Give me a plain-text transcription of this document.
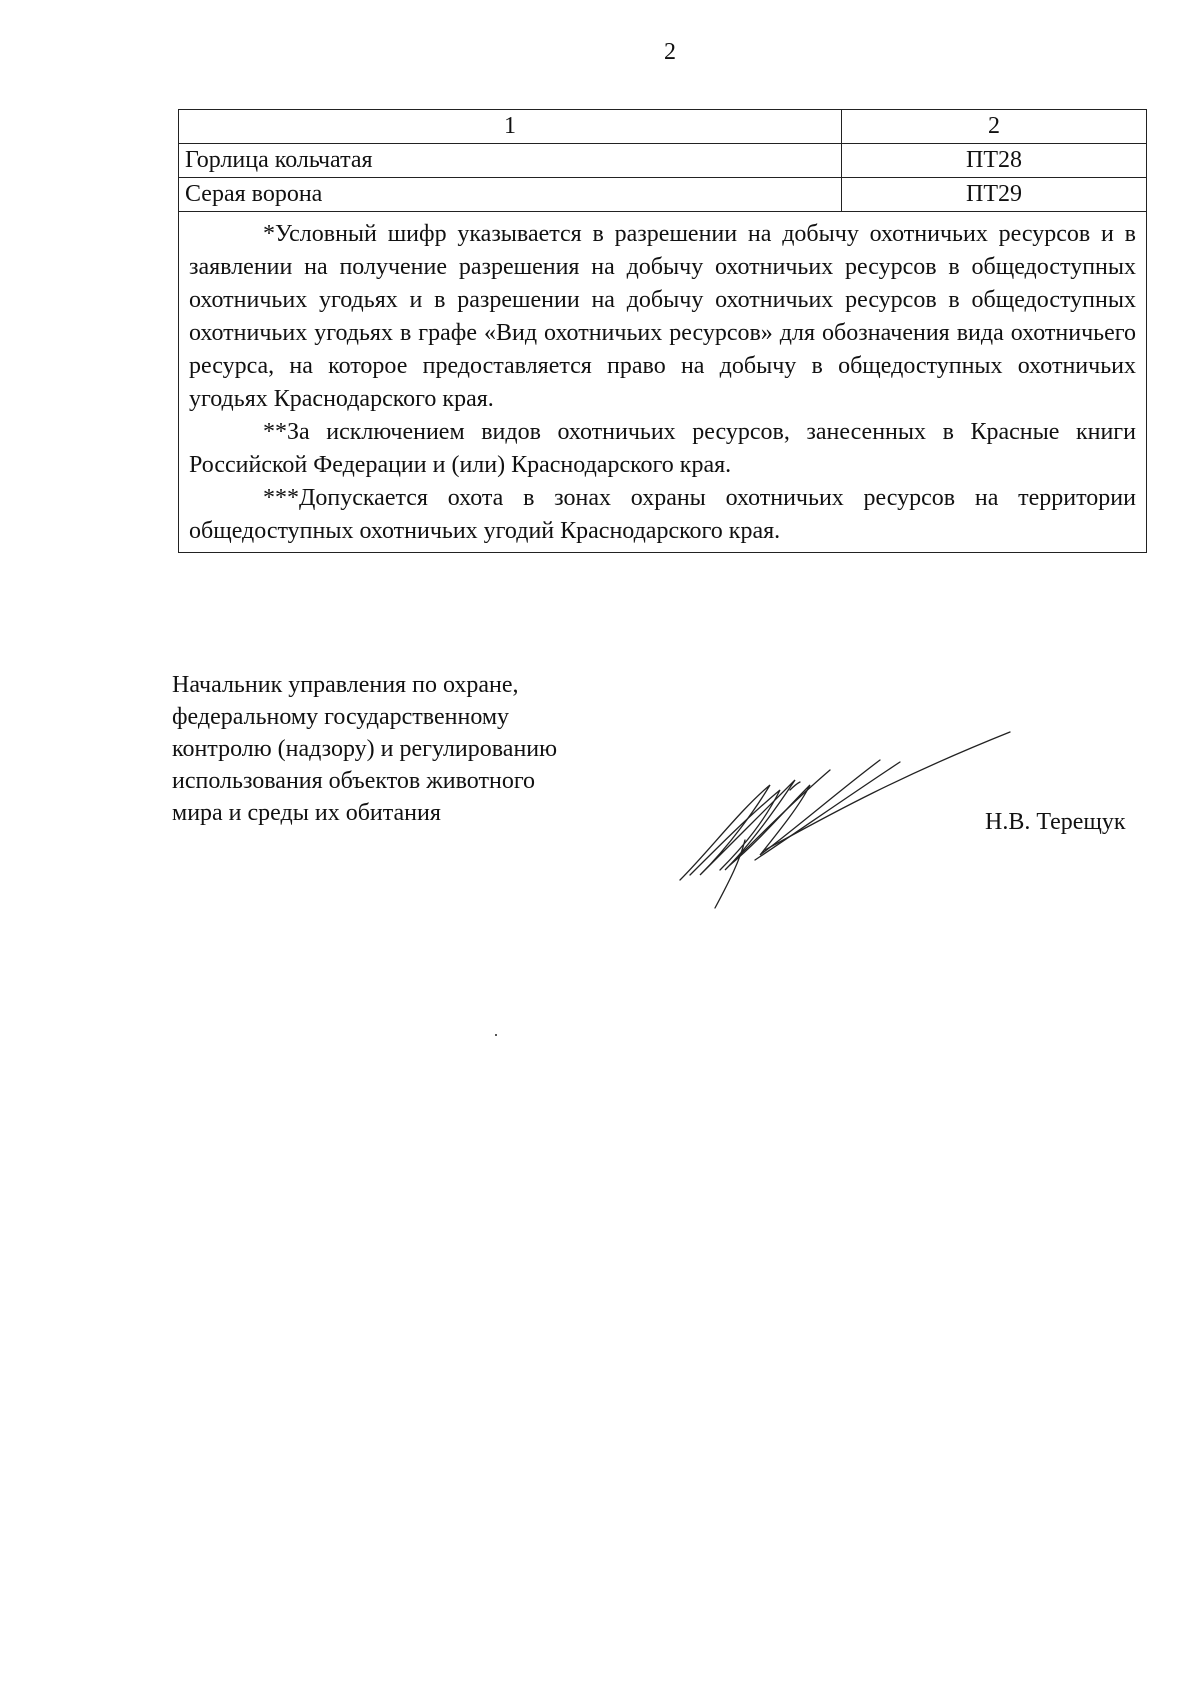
2
1	2
Горлица кольчатая	ПТ28
Серая ворона	ПТ29

*Условный шифр указывается в разрешении на добычу охотничьих ресурсов и в заявлении на получение разрешения на добычу охотничьих ресурсов в общедоступных охотничьих угодьях и в разрешении на добычу охотничьих ресурсов в общедоступных охотничьих угодьях в графе «Вид охотничьих ресурсов» для обозначения вида охотничьего ресурса, на которое предоставляется право на добычу в общедоступных охотничьих угодьях Краснодарского края.

**За исключением видов охотничьих ресурсов, занесенных в Красные книги Российской Федерации и (или) Краснодарского края.

***Допускается охота в зонах охраны охотничьих ресурсов на территории общедоступных охотничьих угодий Краснодарского края.	

Начальник управления по охране,
федеральному государственному
контролю (надзору) и регулированию
использования объектов животного
мира и среды их обитания	Н.В. Терещук
